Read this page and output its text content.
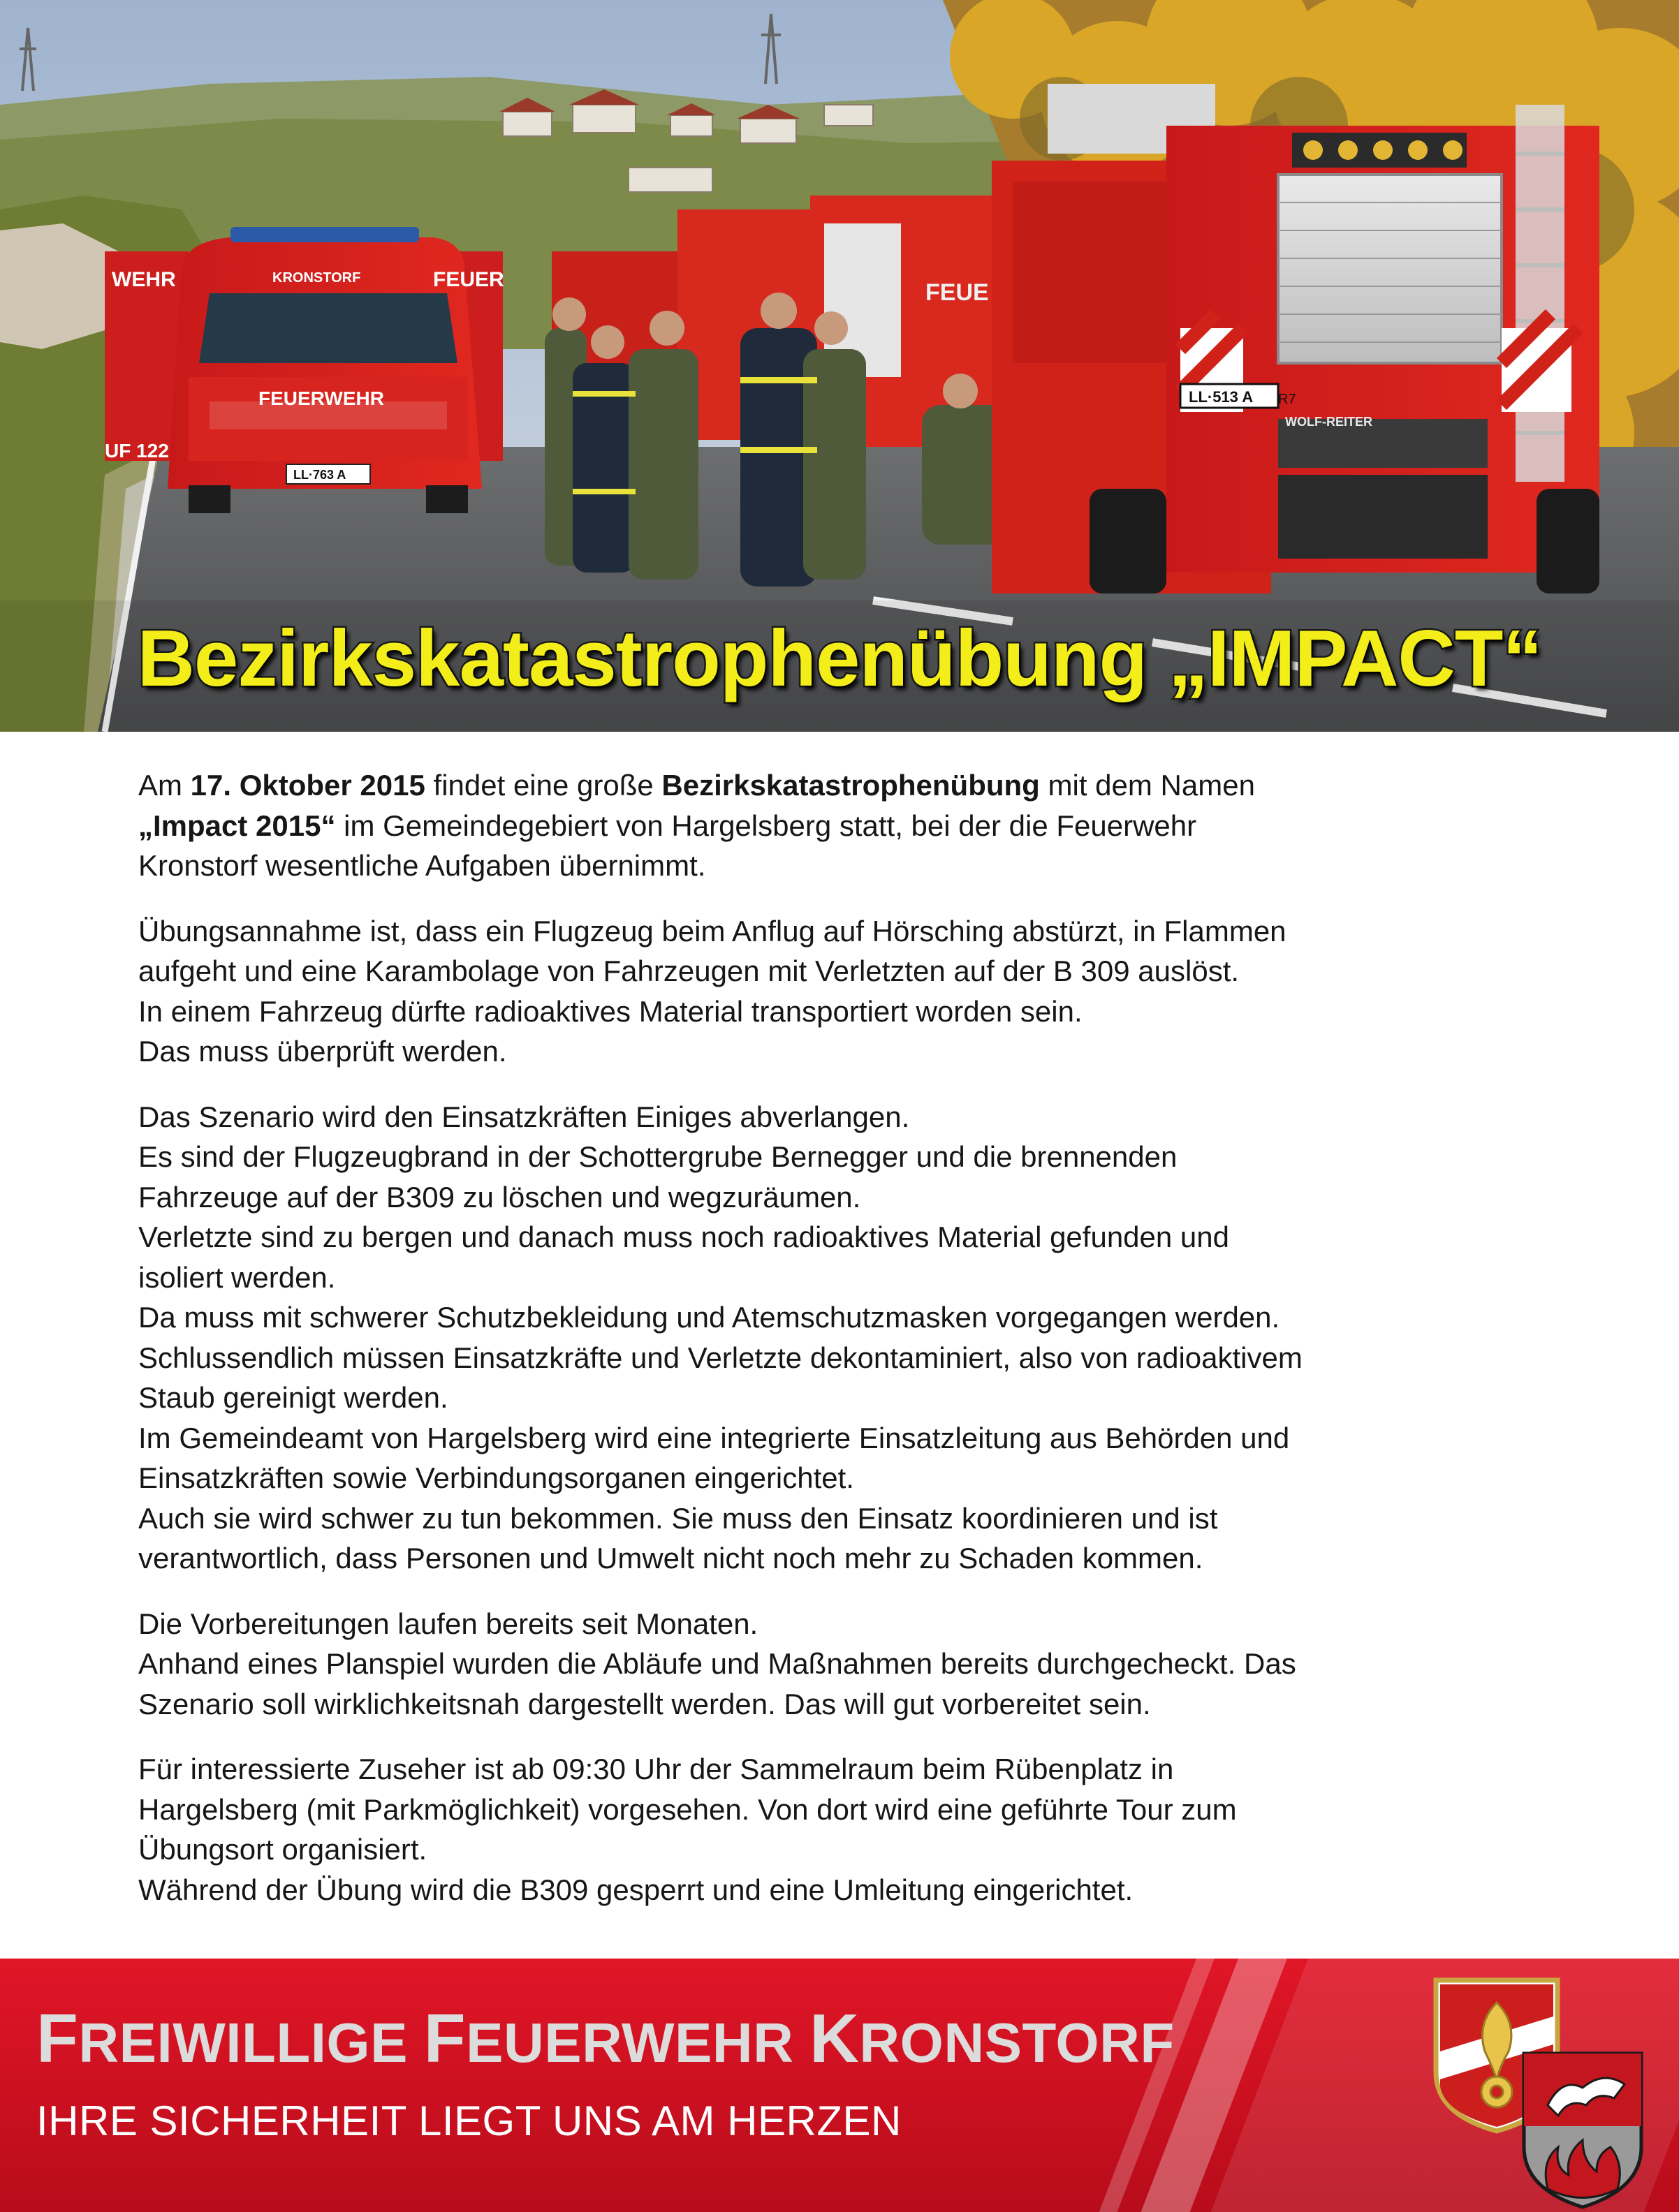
FEUE
WEHR	FEUER
KRONSTORF
FEUERWEHR
UF 122
LL·763 A
LL·513 A R7
WOLF-REITER
Bezirkskatastrophenübung „IMPACT“

Am 17. Oktober 2015 findet eine große Bezirkskatastrophenübung mit dem Namen
„Impact 2015“ im Gemeindegebiert von Hargelsberg statt, bei der die Feuerwehr
Kronstorf wesentliche Aufgaben übernimmt.

Übungsannahme ist, dass ein Flugzeug beim Anflug auf Hörsching abstürzt, in Flammen
aufgeht und eine Karambolage von Fahrzeugen mit Verletzten auf der B 309 auslöst.
In einem Fahrzeug dürfte radioaktives Material transportiert worden sein.
Das muss überprüft werden.

Das Szenario wird den Einsatzkräften Einiges abverlangen.
Es sind der Flugzeugbrand in der Schottergrube Bernegger und die brennenden
Fahrzeuge auf der B309 zu löschen und wegzuräumen.
Verletzte sind zu bergen und danach muss noch radioaktives Material gefunden und
isoliert werden.
Da muss mit schwerer Schutzbekleidung und Atemschutzmasken vorgegangen werden.
Schlussendlich müssen Einsatzkräfte und Verletzte dekontaminiert, also von radioaktivem
Staub gereinigt werden.
Im Gemeindeamt von Hargelsberg wird eine integrierte Einsatzleitung aus Behörden und
Einsatzkräften sowie Verbindungsorganen eingerichtet.
Auch sie wird schwer zu tun bekommen. Sie muss den Einsatz koordinieren und ist
verantwortlich, dass Personen und Umwelt nicht noch mehr zu Schaden kommen.

Die Vorbereitungen laufen bereits seit Monaten.
Anhand eines Planspiel wurden die Abläufe und Maßnahmen bereits durchgecheckt. Das
Szenario soll wirklichkeitsnah dargestellt werden. Das will gut vorbereitet sein.

Für interessierte Zuseher ist ab 09:30 Uhr der Sammelraum beim Rübenplatz in
Hargelsberg (mit Parkmöglichkeit) vorgesehen. Von dort wird eine geführte Tour zum
Übungsort organisiert.
Während der Übung wird die B309 gesperrt und eine Umleitung eingerichtet.

FREIWILLIGE FEUERWEHR KRONSTORF
IHRE SICHERHEIT LIEGT UNS AM HERZEN
